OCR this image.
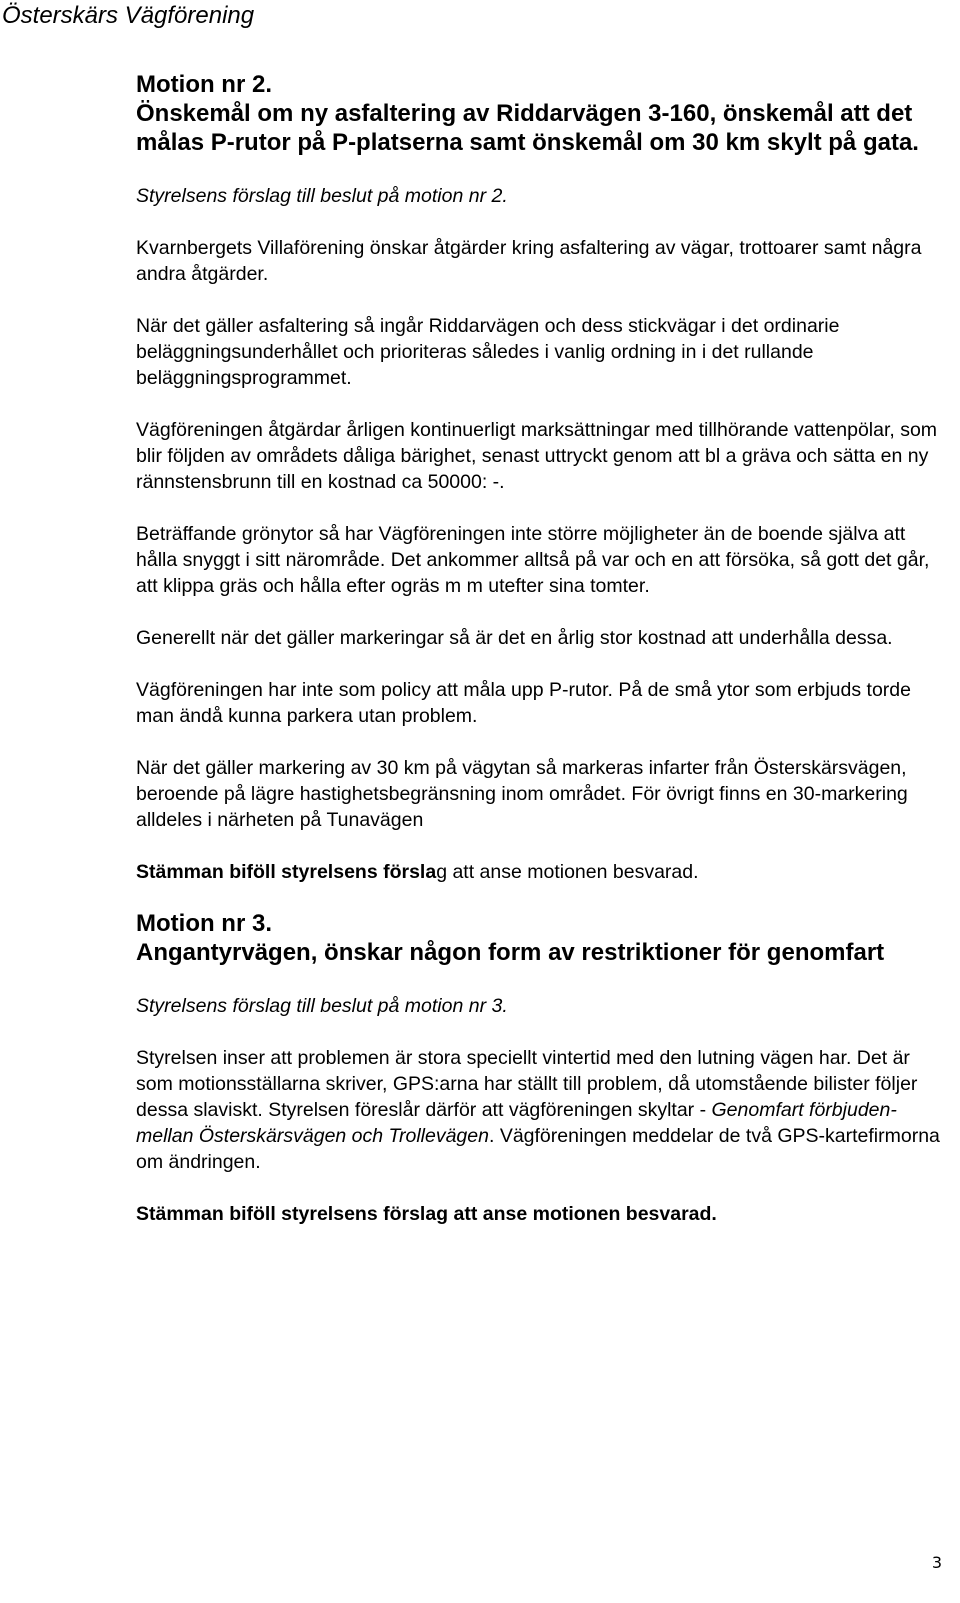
Österskärs Vägförening

Motion nr 2.

Önskemål om ny asfaltering av Riddarvägen 3-160, önskemål att det målas P-rutor på P-platserna samt önskemål om 30 km skylt på gata.

Styrelsens förslag till beslut på motion nr 2.

Kvarnbergets Villaförening önskar åtgärder kring asfaltering av vägar, trottoarer samt några andra åtgärder.

När det gäller asfaltering så ingår Riddarvägen och dess stickvägar i det ordinarie beläggningsunderhållet och prioriteras således i vanlig ordning in i det rullande beläggningsprogrammet.

Vägföreningen åtgärdar årligen kontinuerligt marksättningar med tillhörande vattenpölar, som blir följden av områdets dåliga bärighet, senast uttryckt genom att bl a gräva och sätta en ny rännstensbrunn till en kostnad ca 50000: -.

Beträffande grönytor så har Vägföreningen inte större möjligheter än de boende själva att hålla snyggt i sitt närområde. Det ankommer alltså på var och en att försöka, så gott det går, att klippa gräs och hålla efter ogräs m m utefter sina tomter.

Generellt när det gäller markeringar så är det en årlig stor kostnad att underhålla dessa.

Vägföreningen har inte som policy att måla upp P-rutor. På de små ytor som erbjuds torde man ändå kunna parkera utan problem.

När det gäller markering av 30 km på vägytan så markeras infarter från Österskärsvägen, beroende på lägre hastighetsbegränsning inom området. För övrigt finns en 30-markering alldeles i närheten på Tunavägen

Stämman biföll styrelsens förslag att anse motionen besvarad.

Motion nr 3.

Angantyrvägen, önskar någon form av restriktioner för genomfart

Styrelsens förslag till beslut på motion nr 3.

Styrelsen inser att problemen är stora speciellt vintertid med den lutning vägen har. Det är som motionsställarna skriver, GPS:arna har ställt till problem, då utomstående bilister följer dessa slaviskt. Styrelsen föreslår därför att vägföreningen skyltar - Genomfart förbjuden- mellan Österskärsvägen och Trollevägen. Vägföreningen meddelar de två GPS-kartefirmorna om ändringen.

Stämman biföll styrelsens förslag att anse motionen besvarad.

3
